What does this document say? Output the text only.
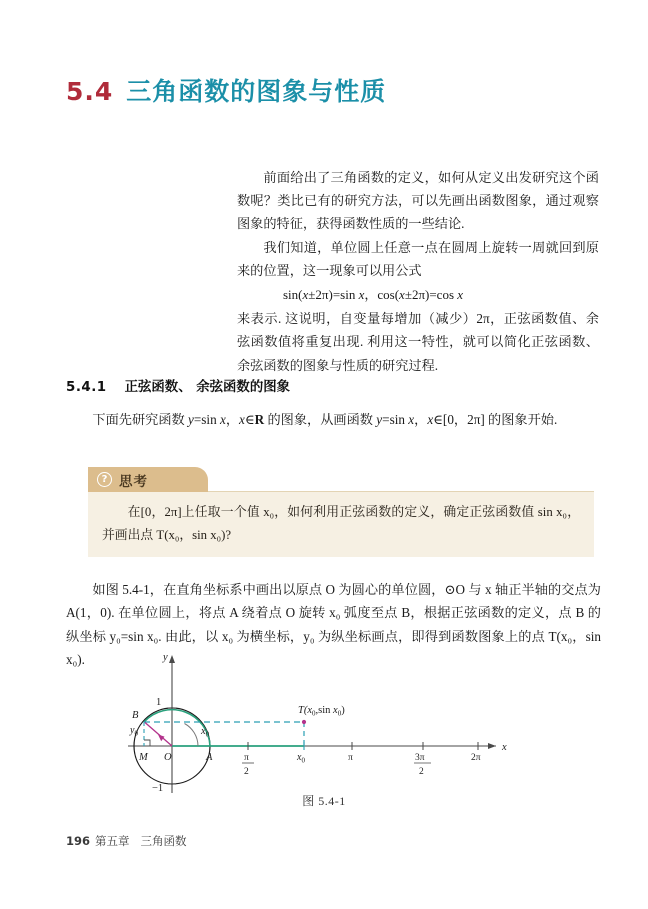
5.4 三角函数的图象与性质

前面给出了三角函数的定义，如何从定义出发研究这个函数呢？类比已有的研究方法，可以先画出函数图象，通过观察图象的特征，获得函数性质的一些结论.

我们知道，单位圆上任意一点在圆周上旋转一周就回到原来的位置，这一现象可以用公式

sin(x±2π)=sin x，cos(x±2π)=cos x

来表示. 这说明，自变量每增加（减少）2π，正弦函数值、余弦函数值将重复出现. 利用这一特性，就可以简化正弦函数、余弦函数的图象与性质的研究过程.

5.4.1 正弦函数、 余弦函数的图象

下面先研究函数 y=sin x，x∈R 的图象，从画函数 y=sin x，x∈[0，2π] 的图象开始.

? 思考

在[0，2π]上任取一个值 x₀，如何利用正弦函数的定义，确定正弦函数值 sin x₀，并画出点 T(x₀，sin x₀)?

如图 5.4-1，在直角坐标系中画出以原点 O 为圆心的单位圆，⊙O 与 x 轴正半轴的交点为 A(1，0). 在单位圆上，将点 A 绕着点 O 旋转 x₀ 弧度至点 B，根据正弦函数的定义，点 B 的纵坐标 y₀=sin x₀. 由此，以 x₀ 为横坐标，y₀ 为纵坐标画点，即得到函数图象上的点 T(x₀，sin x₀).

x
y
1
−1
$x_0$
B
M O	A
$y_0$
$T(x_0,\sin$ $x_0$)
π
2
$x_0$	π	3π
2
2π
图 5.4-1
196 第五章 三角函数
